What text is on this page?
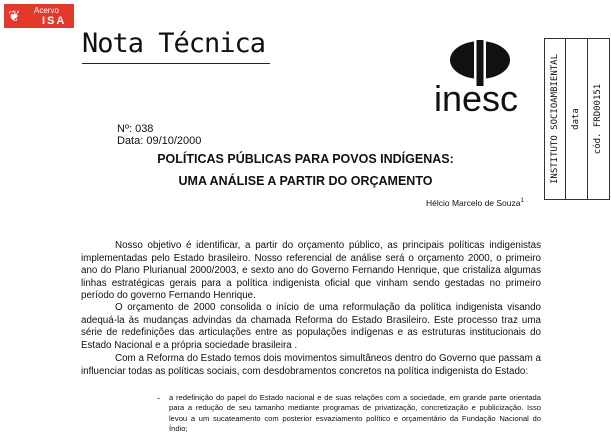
❦ Acervo
ISA
Nota Técnica
inesc	INSTITUTO SOCIOAMBIENTAL data cód. FRD00151
Nº: 038
Data: 09/10/2000
POLÍTICAS PÚBLICAS PARA POVOS INDÍGENAS:
UMA ANÁLISE A PARTIR DO ORÇAMENTO
Hélcio Marcelo de Souza$^1$

Nosso objetivo é identificar, a partir do orçamento público, as principais políticas indigenistas implementadas pelo Estado brasileiro. Nosso referencial de análise será o orçamento 2000, o primeiro ano do Plano Plurianual 2000/2003, e sexto ano do Governo Fernando Henrique, que cristaliza algumas linhas estratégicas gerais para a política indigenista oficial que vinham sendo gestadas no primeiro período do governo Fernando Henrique.

O orçamento de 2000 consolida o início de uma reformulação da política indigenista visando adequá-la às mudanças advindas da chamada Reforma do Estado Brasileiro. Este processo traz uma série de redefinições das articulações entre as populações indígenas e as estruturas institucionais do Estado Nacional e a própria sociedade brasileira .

Com a Reforma do Estado temos dois movimentos simultâneos dentro do Governo que passam a influenciar todas as políticas sociais, com desdobramentos concretos na política indigenista do Estado:

- a redefinição do papel do Estado nacional e de suas relações com a sociedade, em grande parte orientada para a redução de seu tamanho mediante programas de privatização, concretização e publicização. Isso levou a um sucateamento com posterior esvaziamento político e orçamentário da Fundação Nacional do Índio;
